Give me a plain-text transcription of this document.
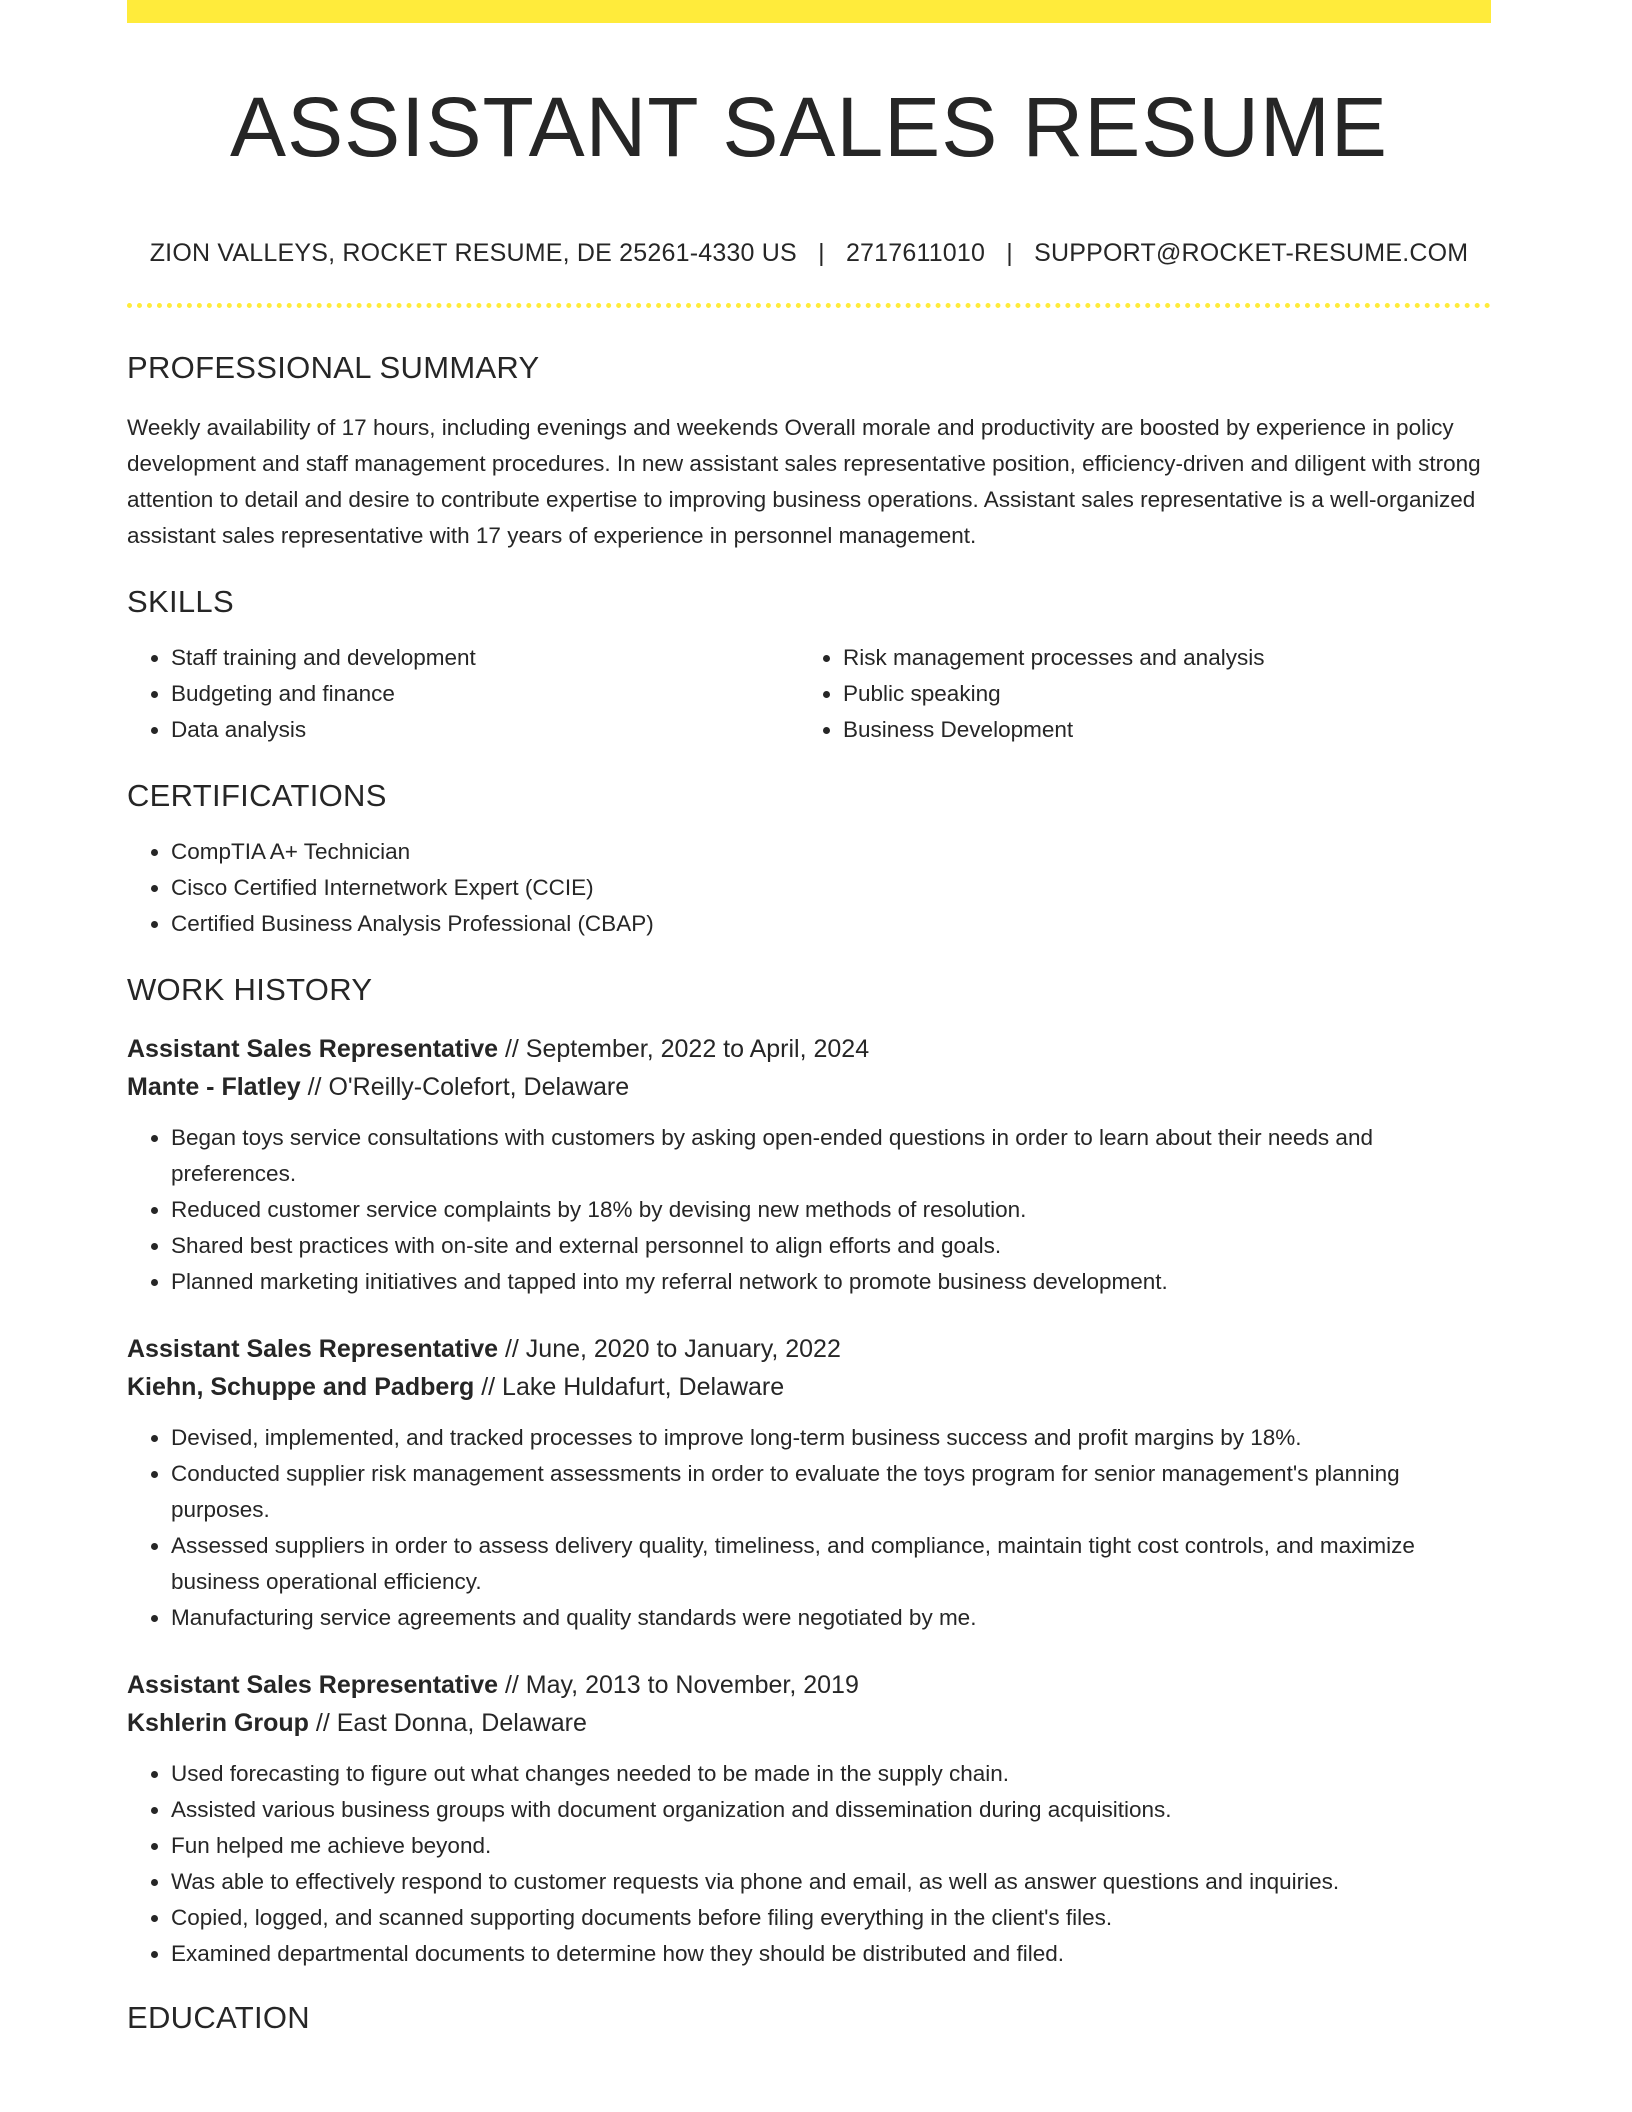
ASSISTANT SALES RESUME
ZION VALLEYS, ROCKET RESUME, DE 25261-4330 US | 2717611010 | SUPPORT@ROCKET-RESUME.COM
PROFESSIONAL SUMMARY
Weekly availability of 17 hours, including evenings and weekends Overall morale and productivity are boosted by experience in policy development and staff management procedures. In new assistant sales representative position, efficiency-driven and diligent with strong attention to detail and desire to contribute expertise to improving business operations. Assistant sales representative is a well-organized assistant sales representative with 17 years of experience in personnel management.
SKILLS
• Staff training and development
• Budgeting and finance
• Data analysis
• Risk management processes and analysis
• Public speaking
• Business Development
CERTIFICATIONS
• CompTIA A+ Technician
• Cisco Certified Internetwork Expert (CCIE)
• Certified Business Analysis Professional (CBAP)
WORK HISTORY
Assistant Sales Representative // September, 2022 to April, 2024
Mante - Flatley // O'Reilly-Colefort, Delaware
• Began toys service consultations with customers by asking open-ended questions in order to learn about their needs and preferences.
• Reduced customer service complaints by 18% by devising new methods of resolution.
• Shared best practices with on-site and external personnel to align efforts and goals.
• Planned marketing initiatives and tapped into my referral network to promote business development.
Assistant Sales Representative // June, 2020 to January, 2022
Kiehn, Schuppe and Padberg // Lake Huldafurt, Delaware
• Devised, implemented, and tracked processes to improve long-term business success and profit margins by 18%.
• Conducted supplier risk management assessments in order to evaluate the toys program for senior management's planning purposes.
• Assessed suppliers in order to assess delivery quality, timeliness, and compliance, maintain tight cost controls, and maximize business operational efficiency.
• Manufacturing service agreements and quality standards were negotiated by me.
Assistant Sales Representative // May, 2013 to November, 2019
Kshlerin Group // East Donna, Delaware
• Used forecasting to figure out what changes needed to be made in the supply chain.
• Assisted various business groups with document organization and dissemination during acquisitions.
• Fun helped me achieve beyond.
• Was able to effectively respond to customer requests via phone and email, as well as answer questions and inquiries.
• Copied, logged, and scanned supporting documents before filing everything in the client's files.
• Examined departmental documents to determine how they should be distributed and filed.
EDUCATION
